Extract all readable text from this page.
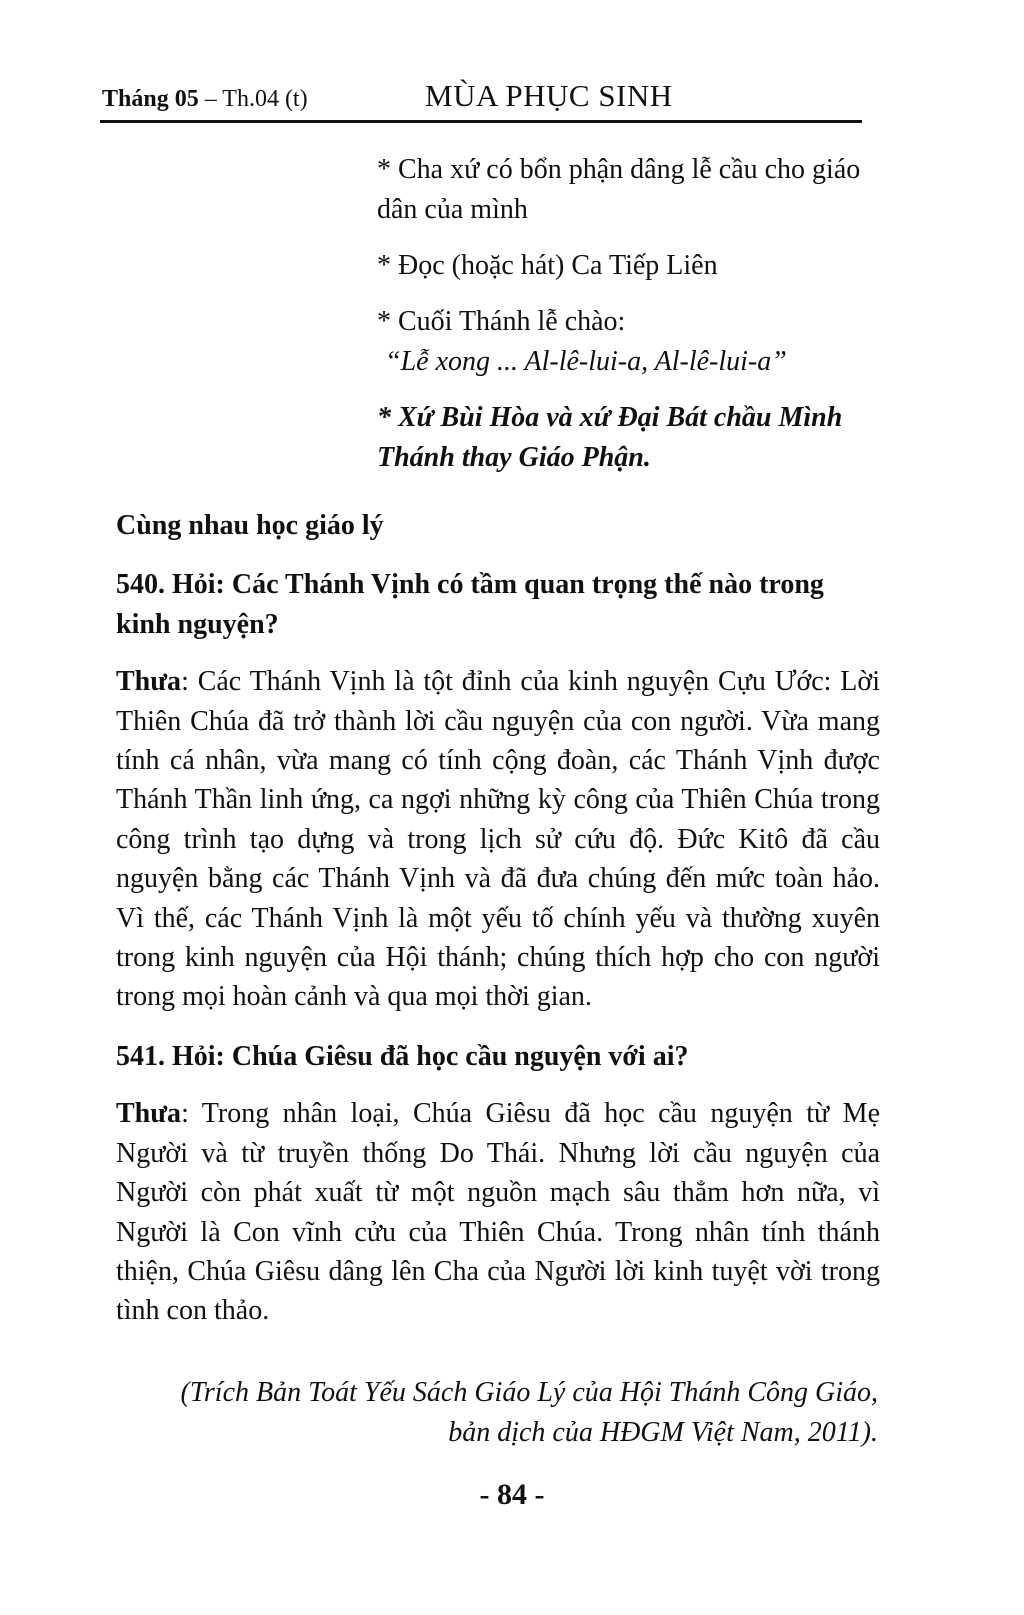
Tháng 05 – Th.04 (t)	MÙA PHỤC SINH

* Cha xứ có bổn phận dâng lễ cầu cho giáo dân của mình

* Đọc (hoặc hát) Ca Tiếp Liên

* Cuối Thánh lễ chào:
“Lễ xong ... Al-lê-lui-a, Al-lê-lui-a”

* Xứ Bùi Hòa và xứ Đại Bát chầu Mình Thánh thay Giáo Phận.

Cùng nhau học giáo lý

540. Hỏi: Các Thánh Vịnh có tầm quan trọng thế nào trong kinh nguyện?

Thưa: Các Thánh Vịnh là tột đỉnh của kinh nguyện Cựu Ước: Lời Thiên Chúa đã trở thành lời cầu nguyện của con người. Vừa mang tính cá nhân, vừa mang có tính cộng đoàn, các Thánh Vịnh được Thánh Thần linh ứng, ca ngợi những kỳ công của Thiên Chúa trong công trình tạo dựng và trong lịch sử cứu độ. Đức Kitô đã cầu nguyện bằng các Thánh Vịnh và đã đưa chúng đến mức toàn hảo. Vì thế, các Thánh Vịnh là một yếu tố chính yếu và thường xuyên trong kinh nguyện của Hội thánh; chúng thích hợp cho con người trong mọi hoàn cảnh và qua mọi thời gian.

541. Hỏi: Chúa Giêsu đã học cầu nguyện với ai?

Thưa: Trong nhân loại, Chúa Giêsu đã học cầu nguyện từ Mẹ Người và từ truyền thống Do Thái. Nhưng lời cầu nguyện của Người còn phát xuất từ một nguồn mạch sâu thẳm hơn nữa, vì Người là Con vĩnh cửu của Thiên Chúa. Trong nhân tính thánh thiện, Chúa Giêsu dâng lên Cha của Người lời kinh tuyệt vời trong tình con thảo.

(Trích Bản Toát Yếu Sách Giáo Lý của Hội Thánh Công Giáo,
bản dịch của HĐGM Việt Nam, 2011).
- 84 -
